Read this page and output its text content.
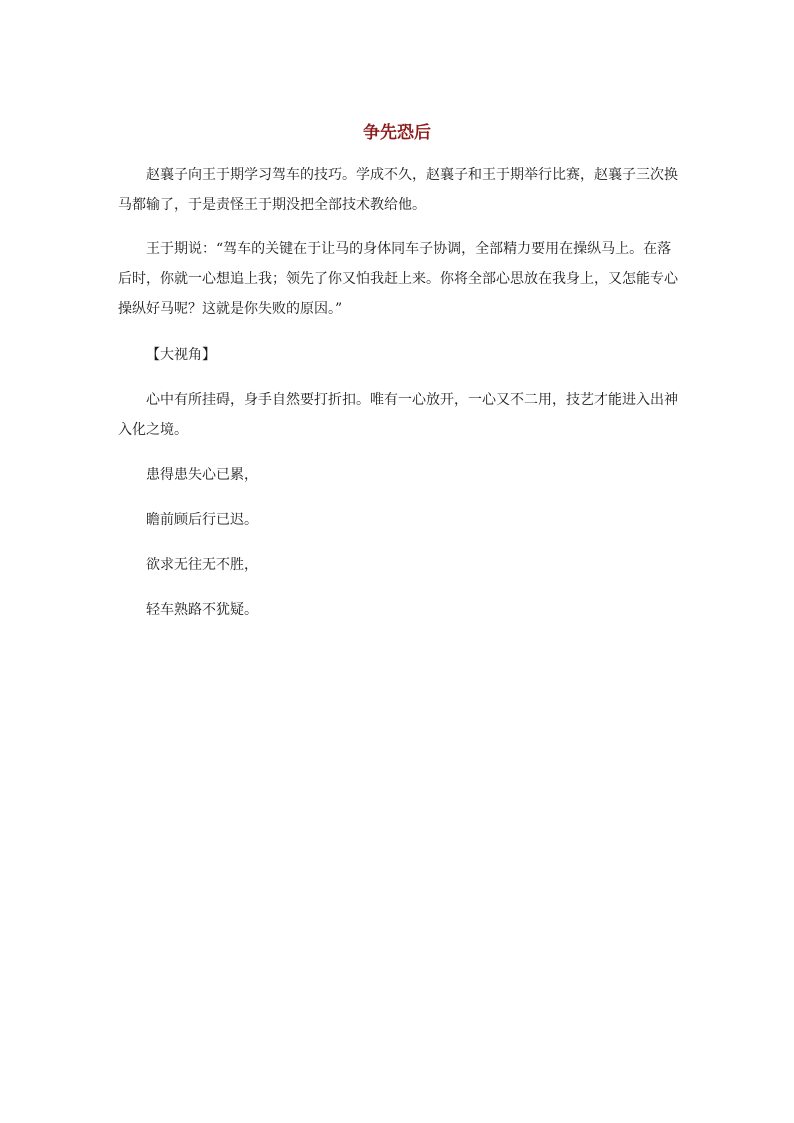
争先恐后

赵襄子向王于期学习驾车的技巧。学成不久，赵襄子和王于期举行比赛，赵襄子三次换马都输了，于是责怪王于期没把全部技术教给他。

王于期说：“驾车的关键在于让马的身体同车子协调，全部精力要用在操纵马上。在落后时，你就一心想追上我；领先了你又怕我赶上来。你将全部心思放在我身上，又怎能专心操纵好马呢？这就是你失败的原因。”

【大视角】

心中有所挂碍，身手自然要打折扣。唯有一心放开，一心又不二用，技艺才能进入出神入化之境。

患得患失心已累，

瞻前顾后行已迟。

欲求无往无不胜，

轻车熟路不犹疑。
